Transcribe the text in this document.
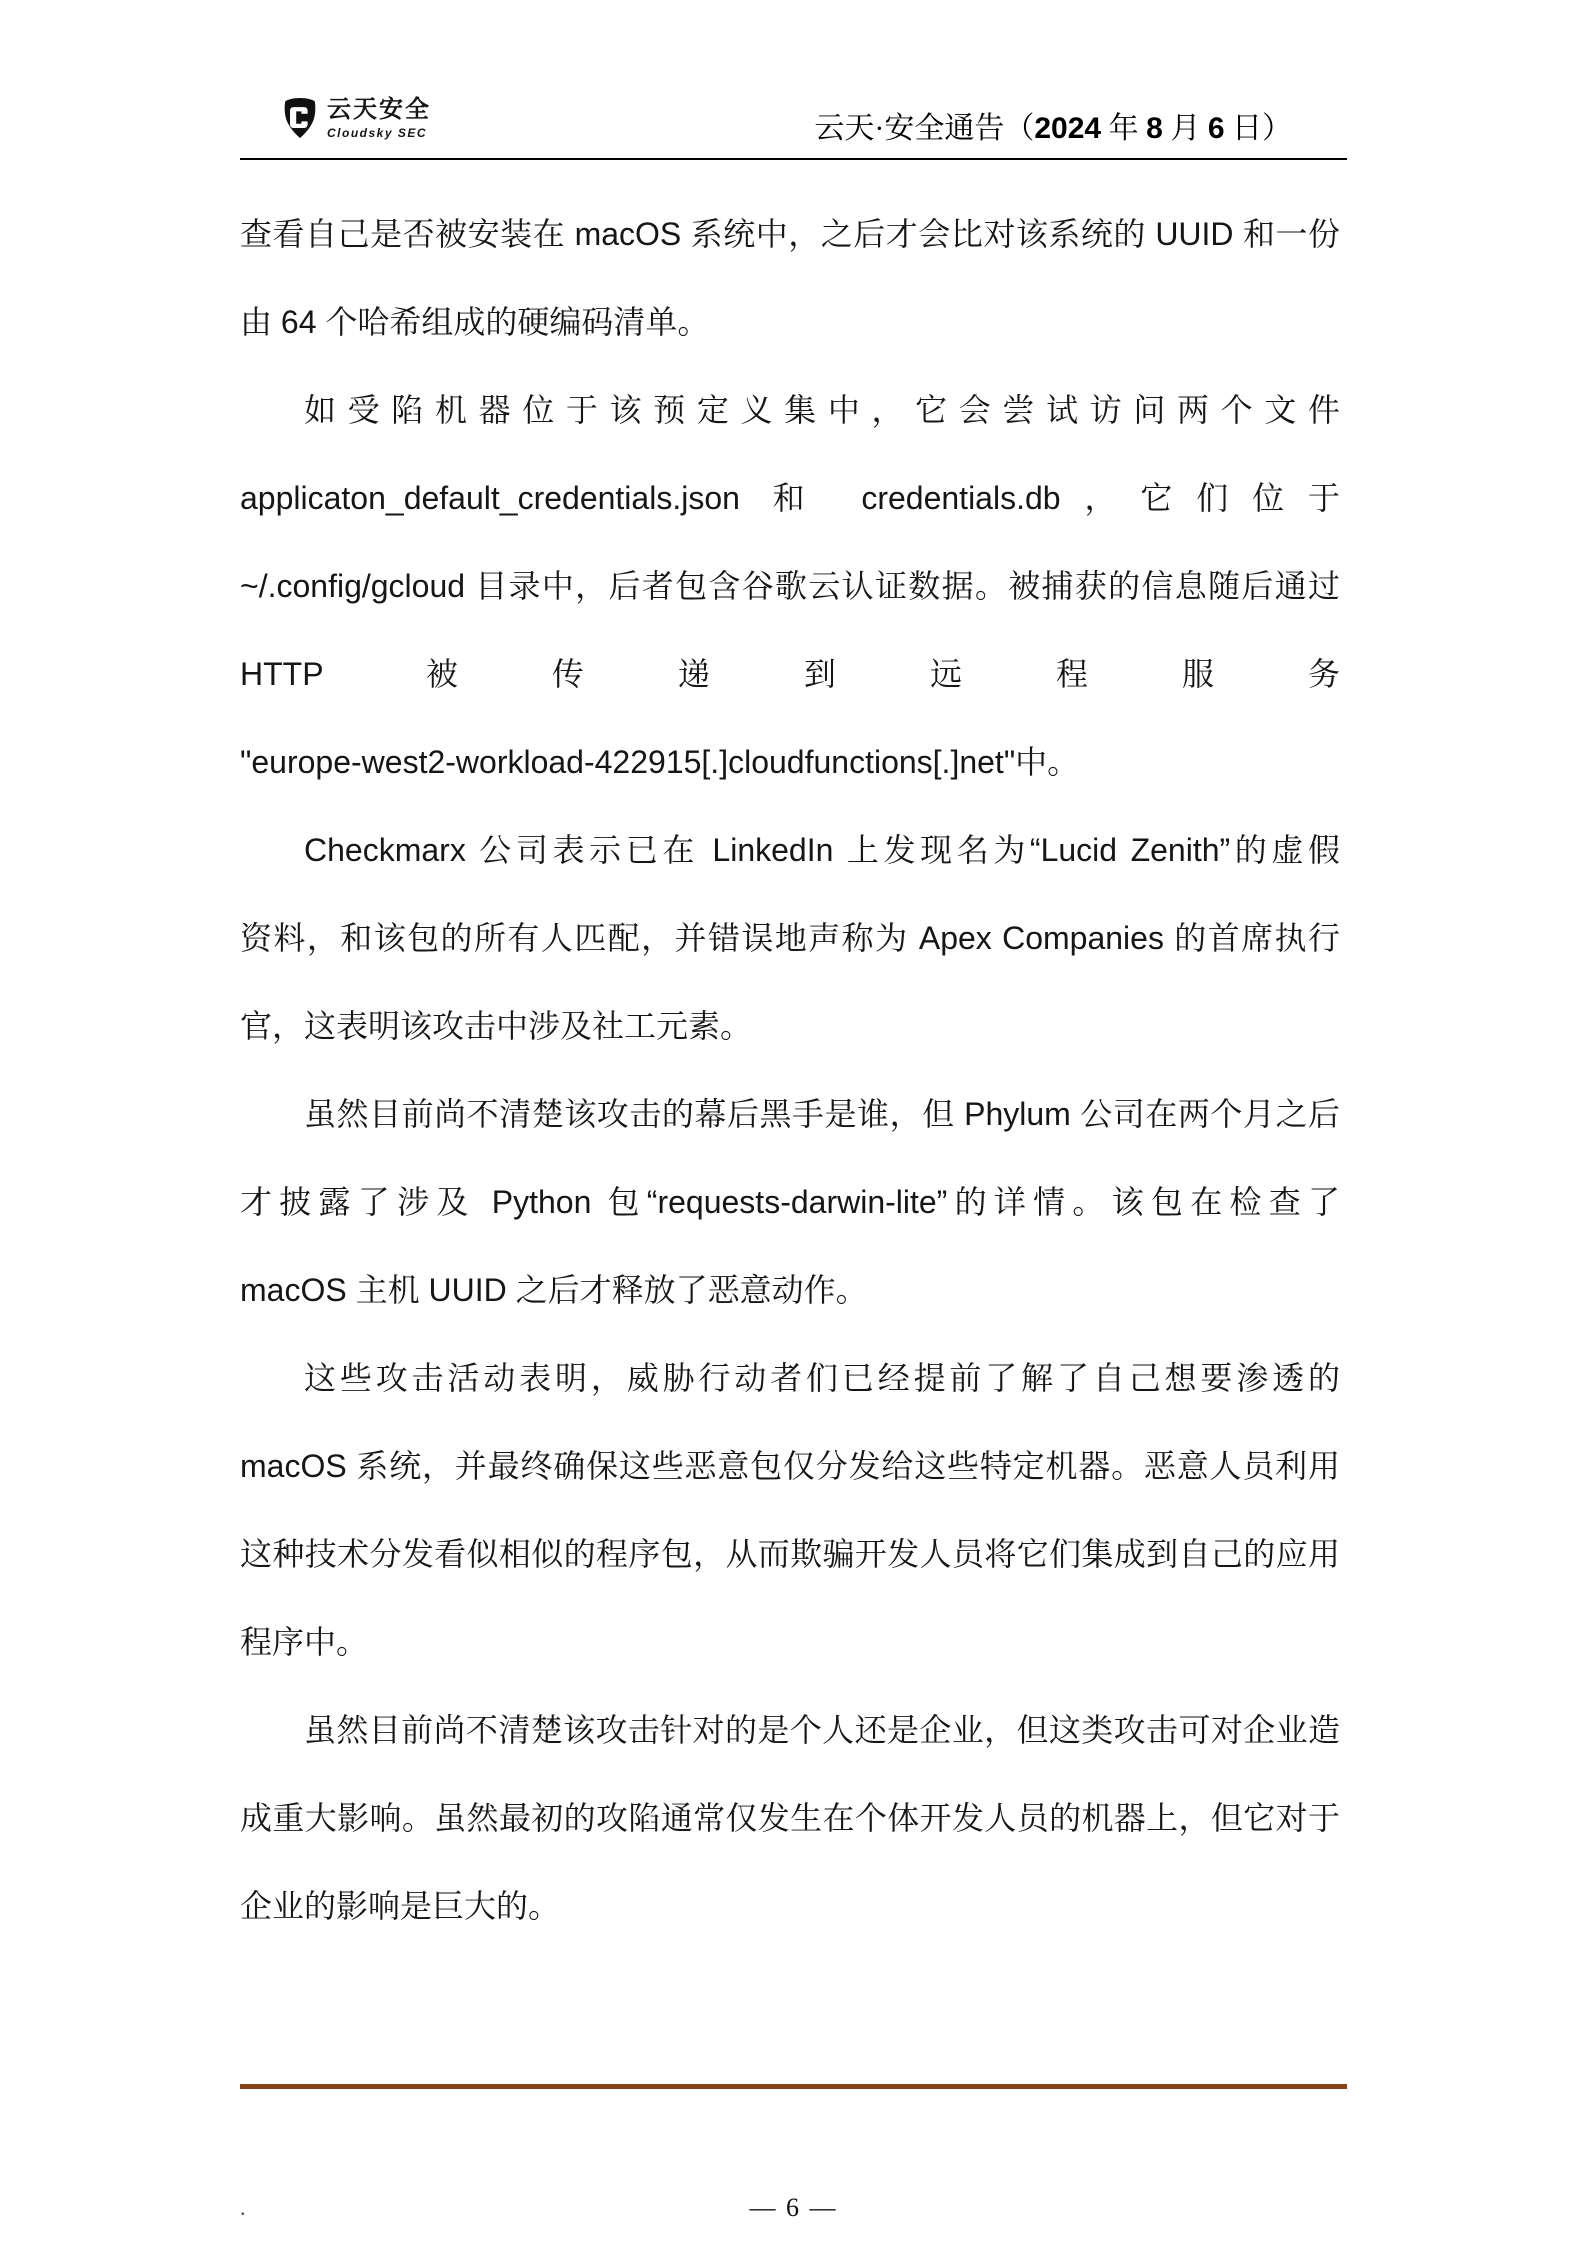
云天安全
Cloudsky SEC	云天·安全通告（2024 年 8 月 6 日）
查看自己是否被安装在 macOS 系统中，之后才会比对该系统的 UUID 和一份
由 64 个哈希组成的硬编码清单。
如受陷机器位于该预定义集中，它会尝试访问两个文件
applicaton_default_credentials.json 和 credentials.db，它们位于
~/.config/gcloud 目录中，后者包含谷歌云认证数据。被捕获的信息随后通过
HTTP 被传递到远程服务
"europe-west2-workload-422915[.]cloudfunctions[.]net"中。
Checkmarx 公司表示已在 LinkedIn 上发现名为“Lucid Zenith”的虚假
资料，和该包的所有人匹配，并错误地声称为 Apex Companies 的首席执行
官，这表明该攻击中涉及社工元素。
虽然目前尚不清楚该攻击的幕后黑手是谁，但 Phylum 公司在两个月之后
才披露了涉及 Python 包“requests-darwin-lite”的详情。该包在检查了
macOS 主机 UUID 之后才释放了恶意动作。
这些攻击活动表明，威胁行动者们已经提前了解了自己想要渗透的
macOS 系统，并最终确保这些恶意包仅分发给这些特定机器。恶意人员利用
这种技术分发看似相似的程序包，从而欺骗开发人员将它们集成到自己的应用
程序中。
虽然目前尚不清楚该攻击针对的是个人还是企业，但这类攻击可对企业造
成重大影响。虽然最初的攻陷通常仅发生在个体开发人员的机器上，但它对于
企业的影响是巨大的。
.	— 6 —
